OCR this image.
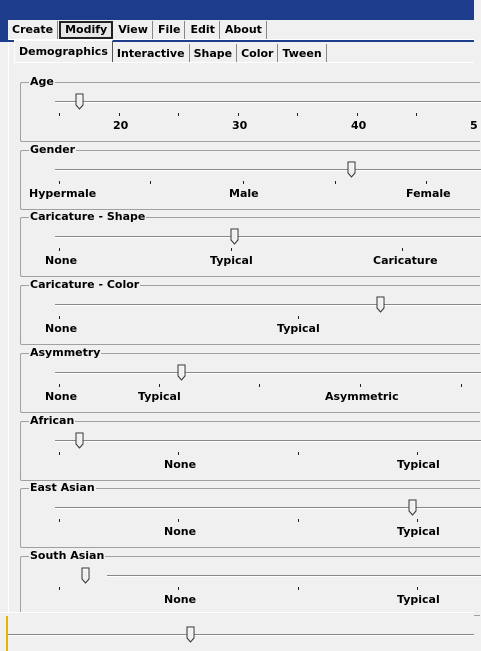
Create	Modify	View File Edit About
Demographics Interactive Shape Color Tween
Age
20	30	40	5
Gender
Hypermale	Male	Female
Caricature - Shape
None	Typical	Caricature
Caricature - Color
None	Typical
Asymmetry
None	Typical	Asymmetric
African
None	Typical
East Asian
None	Typical
South Asian
None	Typical
